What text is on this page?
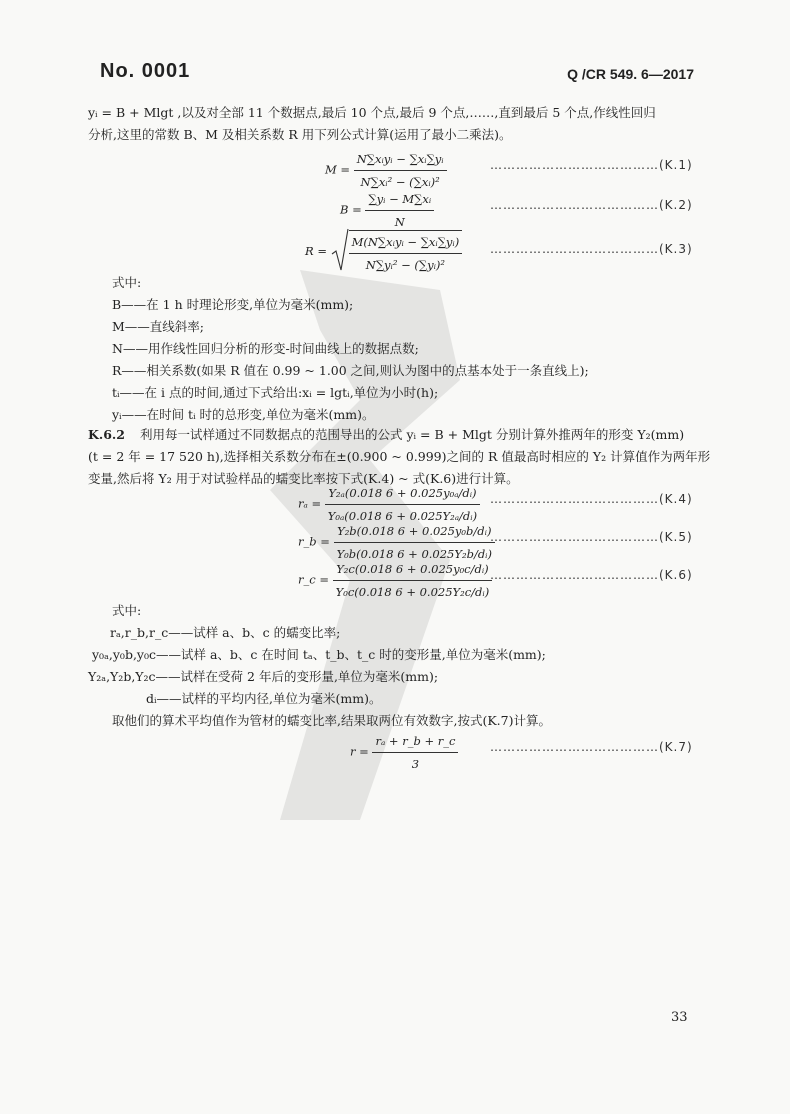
No. 0001	Q /CR 549. 6—2017
yᵢ = B + Mlgt ,以及对全部 11 个数据点,最后 10 个点,最后 9 个点,……,直到最后 5 个点,作线性回归
分析,这里的常数 B、M 及相关系数 R 用下列公式计算(运用了最小二乘法)。
$M = \frac{\text{N∑xᵢyᵢ − ∑xᵢ∑yᵢ}}{\text{N∑xᵢ² − (∑xᵢ)²}}$	…………………………………(K.1)
$B = \frac{\text{∑yᵢ − M∑xᵢ}}{N}$	…………………………………(K.2)
$R = \frac{\text{M(N∑xᵢyᵢ − ∑xᵢ∑yᵢ)}}{\text{N∑yᵢ² − (∑yᵢ)²}}$ …………………………………(K.3)
式中:
B——在 1 h 时理论形变,单位为毫米(mm);
M——直线斜率;
N——用作线性回归分析的形变-时间曲线上的数据点数;
R——相关系数(如果 R 值在 0.99 ~ 1.00 之间,则认为图中的点基本处于一条直线上);
tᵢ——在 i 点的时间,通过下式给出:xᵢ = lgtᵢ,单位为小时(h);
yᵢ——在时间 tᵢ 时的总形变,单位为毫米(mm)。
K.6.2 利用每一试样通过不同数据点的范围导出的公式 yᵢ = B + Mlgt 分别计算外推两年的形变 Y₂(mm)
(t = 2 年 = 17 520 h),选择相关系数分布在±(0.900 ~ 0.999)之间的 R 值最高时相应的 Y₂ 计算值作为两年形
变量,然后将 Y₂ 用于对试验样品的蠕变比率按下式(K.4) ~ 式(K.6)进行计算。
$r_a = \frac{\text{Y₂ₐ(0.018 6 + 0.025y₀ₐ/dᵢ)}}{\text{Y₀ₐ(0.018 6 + 0.025Y₂ₐ/dᵢ)}}$ …………………………………(K.4)
r_b = $\frac{\text{Y₂b(0.018 6 + 0.025y₀b/dᵢ)}}{\text{Y₀b(0.018 6 + 0.025Y₂b/dᵢ)}}$
…………………………………(K.5)
r_c = $\frac{\text{Y₂c(0.018 6 + 0.025y₀c/dᵢ)}}{\text{Y₀c(0.018 6 + 0.025Y₂c/dᵢ)}}$
…………………………………(K.6)
式中:
rₐ,r_b,r_c——试样 a、b、c 的蠕变比率;
y₀ₐ,y₀b,y₀c——试样 a、b、c 在时间 tₐ、t_b、t_c 时的变形量,单位为毫米(mm);
Y₂ₐ,Y₂b,Y₂c——试样在受荷 2 年后的变形量,单位为毫米(mm);
dᵢ——试样的平均内径,单位为毫米(mm)。
取他们的算术平均值作为管材的蠕变比率,结果取两位有效数字,按式(K.7)计算。
$r = \frac{\text{rₐ + r\_b + r\_c}}{3}$	…………………………………(K.7)
33
